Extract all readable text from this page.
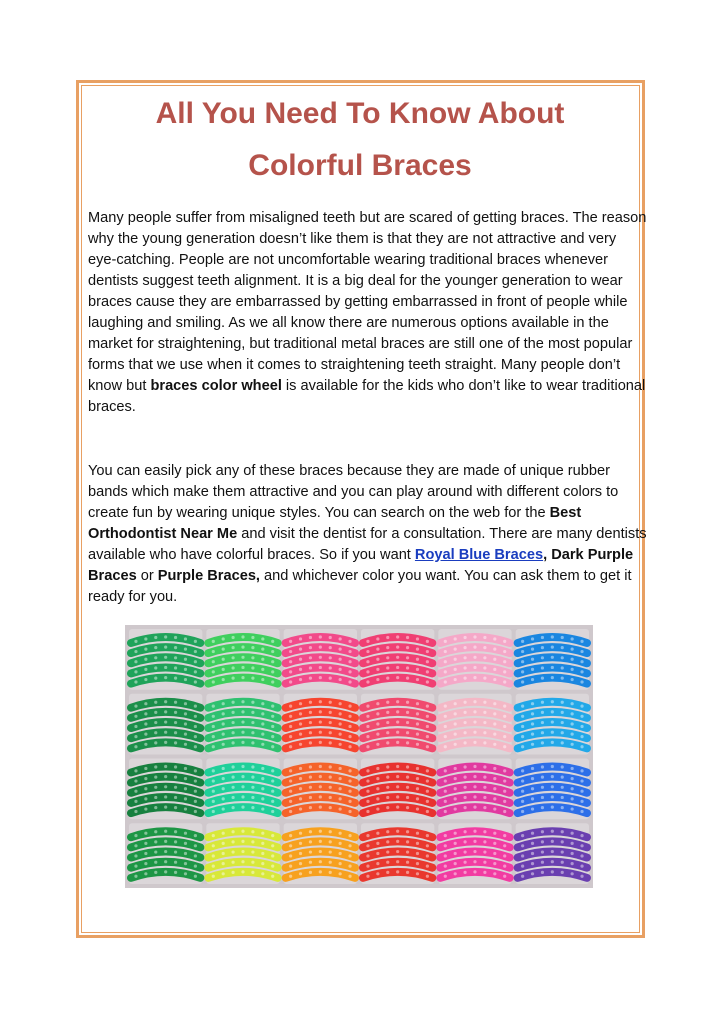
All You Need To Know About
Colorful Braces

Many people suffer from misaligned teeth but are scared of getting braces. The reason why the young generation doesn’t like them is that they are not attractive and very eye-catching. People are not uncomfortable wearing traditional braces whenever dentists suggest teeth alignment. It is a big deal for the younger generation to wear braces cause they are embarrassed by getting embarrassed in front of people while laughing and smiling. As we all know there are numerous options available in the market for straightening, but traditional metal braces are still one of the most popular forms that we use when it comes to straightening teeth straight. Many people don’t know but braces color wheel is available for the kids who don’t like to wear traditional braces.

You can easily pick any of these braces because they are made of unique rubber bands which make them attractive and you can play around with different colors to create fun by wearing unique styles. You can search on the web for the Best Orthodontist Near Me and visit the dentist for a consultation. There are many dentists available who have colorful braces. So if you want Royal Blue Braces, Dark Purple Braces or Purple Braces, and whichever color you want. You can ask them to get it ready for you.
